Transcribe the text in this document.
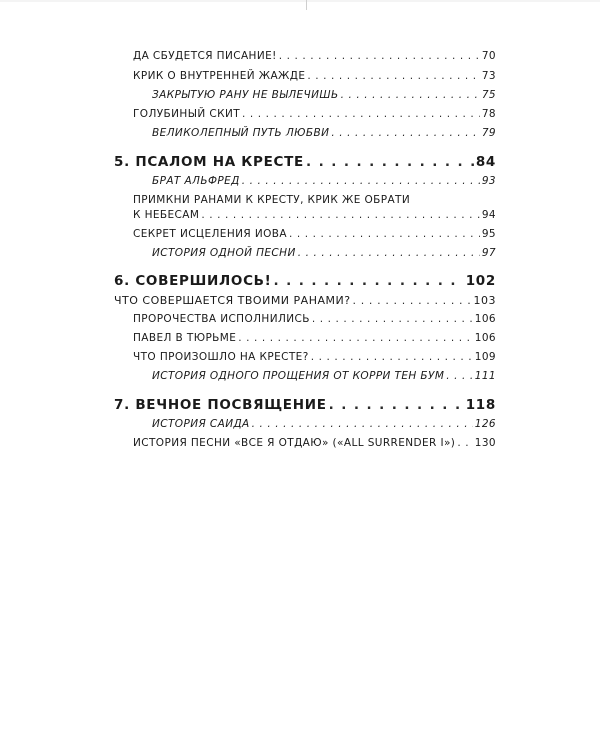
ДА СБУДЕТСЯ ПИСАНИЕ! . . .	70
КРИК О ВНУТРЕННЕЙ ЖАЖДЕ . . .	73
ЗАКРЫТУЮ РАНУ НЕ ВЫЛЕЧИШЬ . . .	75
ГОЛУБИНЫЙ СКИТ . . .	78
ВЕЛИКОЛЕПНЫЙ ПУТЬ ЛЮБВИ . . .	79
5. ПСАЛОМ НА КРЕСТЕ . . .	84
БРАТ АЛЬФРЕД . . .	93
ПРИМКНИ РАНАМИ К КРЕСТУ, КРИК ЖЕ ОБРАТИ
К НЕБЕСАМ . . .	94
СЕКРЕТ ИСЦЕЛЕНИЯ ИОВА . . .	95
ИСТОРИЯ ОДНОЙ ПЕСНИ . . .	97
6. СОВЕРШИЛОСЬ! . . .	102
ЧТО СОВЕРШАЕТСЯ ТВОИМИ РАНАМИ? . . .	103
ПРОРОЧЕСТВА ИСПОЛНИЛИСЬ . . .	106
ПАВЕЛ В ТЮРЬМЕ . . .	106
ЧТО ПРОИЗОШЛО НА КРЕСТЕ? . . .	109
ИСТОРИЯ ОДНОГО ПРОЩЕНИЯ ОТ КОРРИ ТЕН БУМ . . .	111
7. ВЕЧНОЕ ПОСВЯЩЕНИЕ . . .	118
ИСТОРИЯ САИДА . . .	126
ИСТОРИЯ ПЕСНИ «ВСЕ Я ОТДАЮ» («ALL SURRENDER I») . . . 130
